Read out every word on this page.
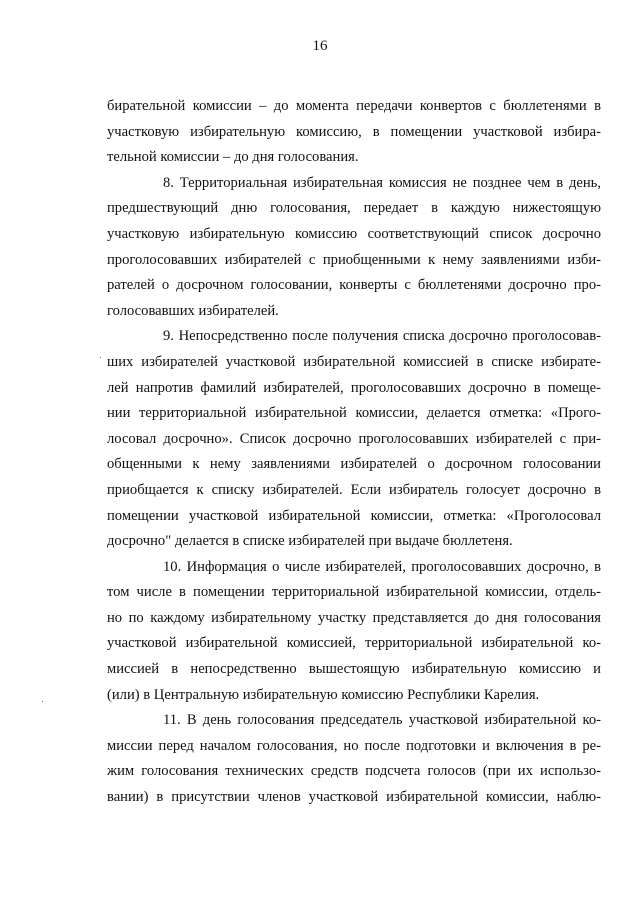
16

бирательной комиссии – до момента передачи конвертов с бюллетенями в
участковую избирательную комиссию, в помещении участковой избира-
тельной комиссии – до дня голосования.

8. Территориальная избирательная комиссия не позднее чем в день,
предшествующий дню голосования, передает в каждую нижестоящую
участковую избирательную комиссию соответствующий список досрочно
проголосовавших избирателей с приобщенными к нему заявлениями изби-
рателей о досрочном голосовании, конверты с бюллетенями досрочно про-
голосовавших избирателей.

9. Непосредственно после получения списка досрочно проголосовав-
ших избирателей участковой избирательной комиссией в списке избирате-
лей напротив фамилий избирателей, проголосовавших досрочно в помеще-
нии территориальной избирательной комиссии, делается отметка: «Прого-
лосовал досрочно». Список досрочно проголосовавших избирателей с при-
общенными к нему заявлениями избирателей о досрочном голосовании
приобщается к списку избирателей. Если избиратель голосует досрочно в
помещении участковой избирательной комиссии, отметка: «Проголосовал
досрочно" делается в списке избирателей при выдаче бюллетеня.

10. Информация о числе избирателей, проголосовавших досрочно, в
том числе в помещении территориальной избирательной комиссии, отдель-
но по каждому избирательному участку представляется до дня голосования
участковой избирательной комиссией, территориальной избирательной ко-
миссией в непосредственно вышестоящую избирательную комиссию и
(или) в Центральную избирательную комиссию Республики Карелия.

11. В день голосования председатель участковой избирательной ко-
миссии перед началом голосования, но после подготовки и включения в ре-
жим голосования технических средств подсчета голосов (при их использо-
вании) в присутствии членов участковой избирательной комиссии, наблю-
